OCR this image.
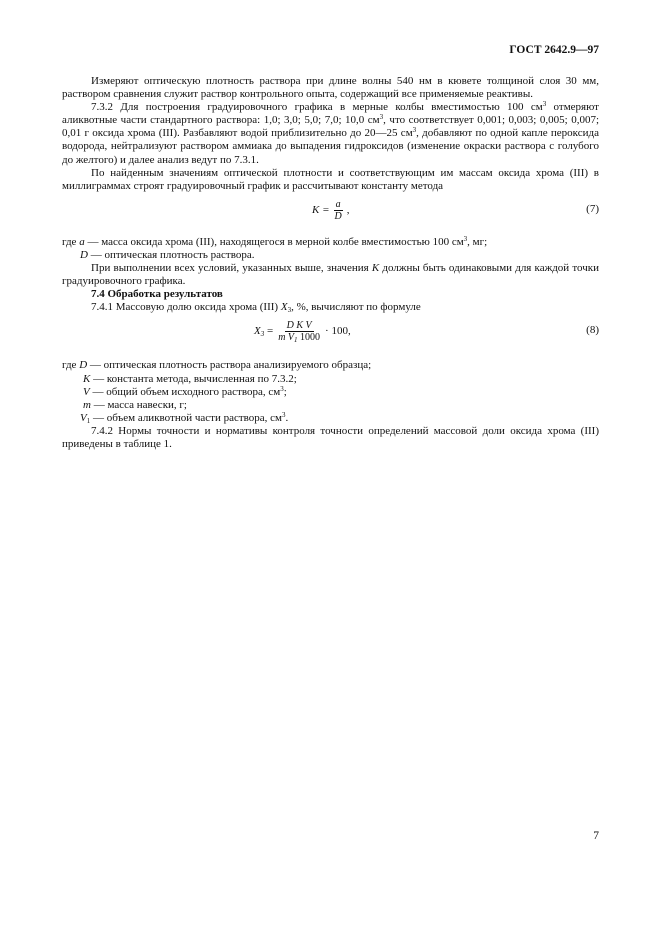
ГОСТ 2642.9—97

Измеряют оптическую плотность раствора при длине волны 540 нм в кювете толщиной слоя 30 мм, раствором сравнения служит раствор контрольного опыта, содержащий все применяемые реактивы.

7.3.2 Для построения градуировочного графика в мерные колбы вместимостью 100 $см^3$ отмеряют аликвотные части стандартного раствора: 1,0; 3,0; 5,0; 7,0; 10,0 $см^3$, что соответствует 0,001; 0,003; 0,005; 0,007; 0,01 г оксида хрома (III). Разбавляют водой приблизительно до 20—25 $см^3$, добавляют по одной капле пероксида водорода, нейтрализуют раствором аммиака до выпадения гидроксидов (изменение окраски раствора с голубого до желтого) и далее анализ ведут по 7.3.1.

По найденным значениям оптической плотности и соответствующим им массам оксида хрома (III) в миллиграммах строят градуировочный график и рассчитывают константу метода

$K = \frac{a}{D}$ ,	(7)

где a — масса оксида хрома (III), находящегося в мерной колбе вместимостью 100 $см^3$, мг;

D — оптическая плотность раствора.

При выполнении всех условий, указанных выше, значения K должны быть одинаковыми для каждой точки градуировочного графика.

7.4 Обработка результатов

7.4.1 Массовую долю оксида хрома (III) $X_3$, %, вычисляют по формуле

$X_3 = \frac{\text{D K V}}{m V_1 1000} \cdot 100$,	(8)
где D — оптическая плотность раствора анализируемого образца;
K — константа метода, вычисленная по 7.3.2;
V — общий объем исходного раствора, $см^3$;
m — масса навески, г;
$V_1$ — объем аликвотной части раствора, $см^3$.

7.4.2 Нормы точности и нормативы контроля точности определений массовой доли оксида хрома (III) приведены в таблице 1.

7
